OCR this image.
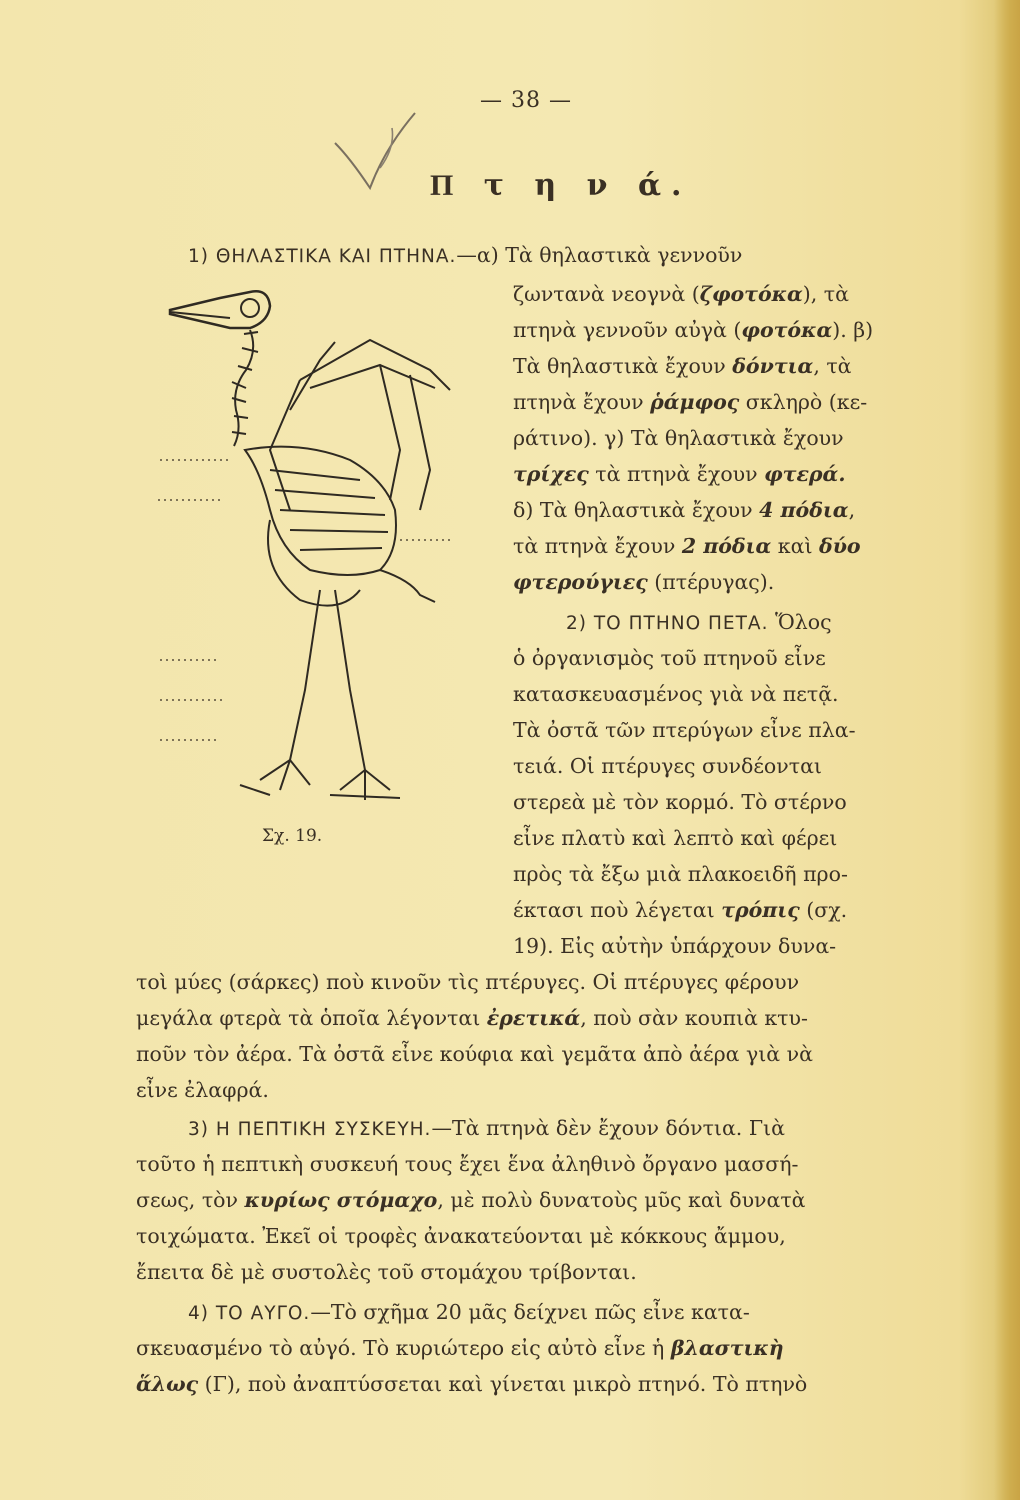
— 38 —
Π τ η ν ά.
Σχ. 19.
1) ΘΗΛΑΣΤΙΚΑ ΚΑΙ ΠΤΗΝΑ.—α) Τὰ θηλαστικὰ γεννοῦν
ζωντανὰ νεογνὰ (ζφοτόκα), τὰ
πτηνὰ γεννοῦν αὐγὰ (φοτόκα). β)
Τὰ θηλαστικὰ ἔχουν δόντια, τὰ
πτηνὰ ἔχουν ῥάμφος σκληρὸ (κε-
ράτινο). γ) Τὰ θηλαστικὰ ἔχουν
τρίχες τὰ πτηνὰ ἔχουν φτερά.
δ) Τὰ θηλαστικὰ ἔχουν 4 πόδια,
τὰ πτηνὰ ἔχουν 2 πόδια καὶ δύο
φτερούγιες (πτέρυγας).
2) ΤΟ ΠΤΗΝΟ ΠΕΤΑ. Ὅλος
ὁ ὀργανισμὸς τοῦ πτηνοῦ εἶνε
κατασκευασμένος γιὰ νὰ πετᾷ.
Τὰ ὀστᾶ τῶν πτερύγων εἶνε πλα-
τειά. Οἱ πτέρυγες συνδέονται
στερεὰ μὲ τὸν κορμό. Τὸ στέρνο
εἶνε πλατὺ καὶ λεπτὸ καὶ φέρει
πρὸς τὰ ἔξω μιὰ πλακοειδῆ προ-
έκτασι ποὺ λέγεται τρόπις (σχ.
19). Εἰς αὐτὴν ὑπάρχουν δυνα-
τοὶ μύες (σάρκες) ποὺ κινοῦν τὶς πτέρυγες. Οἱ πτέρυγες φέρουν
μεγάλα φτερὰ τὰ ὁποῖα λέγονται ἐρετικά, ποὺ σὰν κουπιὰ κτυ-
ποῦν τὸν ἀέρα. Τὰ ὀστᾶ εἶνε κούφια καὶ γεμᾶτα ἀπὸ ἀέρα γιὰ νὰ
εἶνε ἐλαφρά.
3) Η ΠΕΠΤΙΚΗ ΣΥΣΚΕΥΗ.—Τὰ πτηνὰ δὲν ἔχουν δόντια. Γιὰ
τοῦτο ἡ πεπτικὴ συσκευή τους ἔχει ἕνα ἀληθινὸ ὄργανο μασσή-
σεως, τὸν κυρίως στόμαχο, μὲ πολὺ δυνατοὺς μῦς καὶ δυνατὰ
τοιχώματα. Ἐκεῖ οἱ τροφὲς ἀνακατεύονται μὲ κόκκους ἄμμου,
ἔπειτα δὲ μὲ συστολὲς τοῦ στομάχου τρίβονται.
4) ΤΟ ΑΥΓΟ.—Τὸ σχῆμα 20 μᾶς δείχνει πῶς εἶνε κατα-
σκευασμένο τὸ αὐγό. Τὸ κυριώτερο εἰς αὐτὸ εἶνε ἡ βλαστικὴ
ἅλως (Γ), ποὺ ἀναπτύσσεται καὶ γίνεται μικρὸ πτηνό. Τὸ πτηνὸ
